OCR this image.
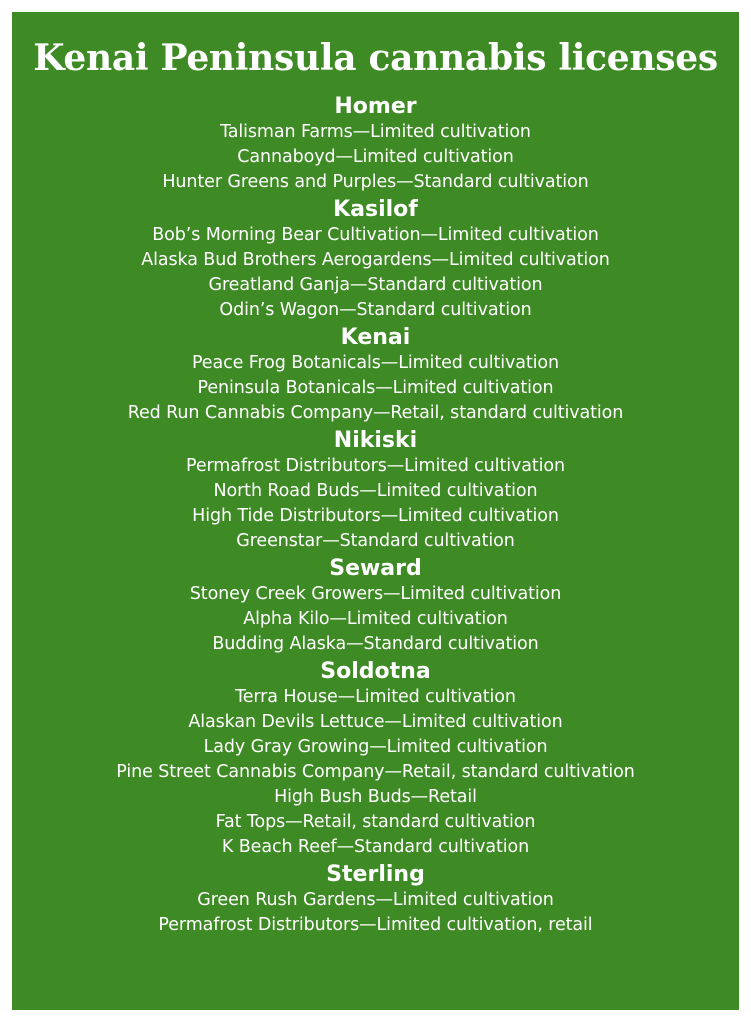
Kenai Peninsula cannabis licenses
Homer
Talisman Farms—Limited cultivation
Cannaboyd—Limited cultivation
Hunter Greens and Purples—Standard cultivation
Kasilof
Bob’s Morning Bear Cultivation—Limited cultivation
Alaska Bud Brothers Aerogardens—Limited cultivation
Greatland Ganja—Standard cultivation
Odin’s Wagon—Standard cultivation
Kenai
Peace Frog Botanicals—Limited cultivation
Peninsula Botanicals—Limited cultivation
Red Run Cannabis Company—Retail, standard cultivation
Nikiski
Permafrost Distributors—Limited cultivation
North Road Buds—Limited cultivation
High Tide Distributors—Limited cultivation
Greenstar—Standard cultivation
Seward
Stoney Creek Growers—Limited cultivation
Alpha Kilo—Limited cultivation
Budding Alaska—Standard cultivation
Soldotna
Terra House—Limited cultivation
Alaskan Devils Lettuce—Limited cultivation
Lady Gray Growing—Limited cultivation
Pine Street Cannabis Company—Retail, standard cultivation
High Bush Buds—Retail
Fat Tops—Retail, standard cultivation
K Beach Reef—Standard cultivation
Sterling
Green Rush Gardens—Limited cultivation
Permafrost Distributors—Limited cultivation, retail
